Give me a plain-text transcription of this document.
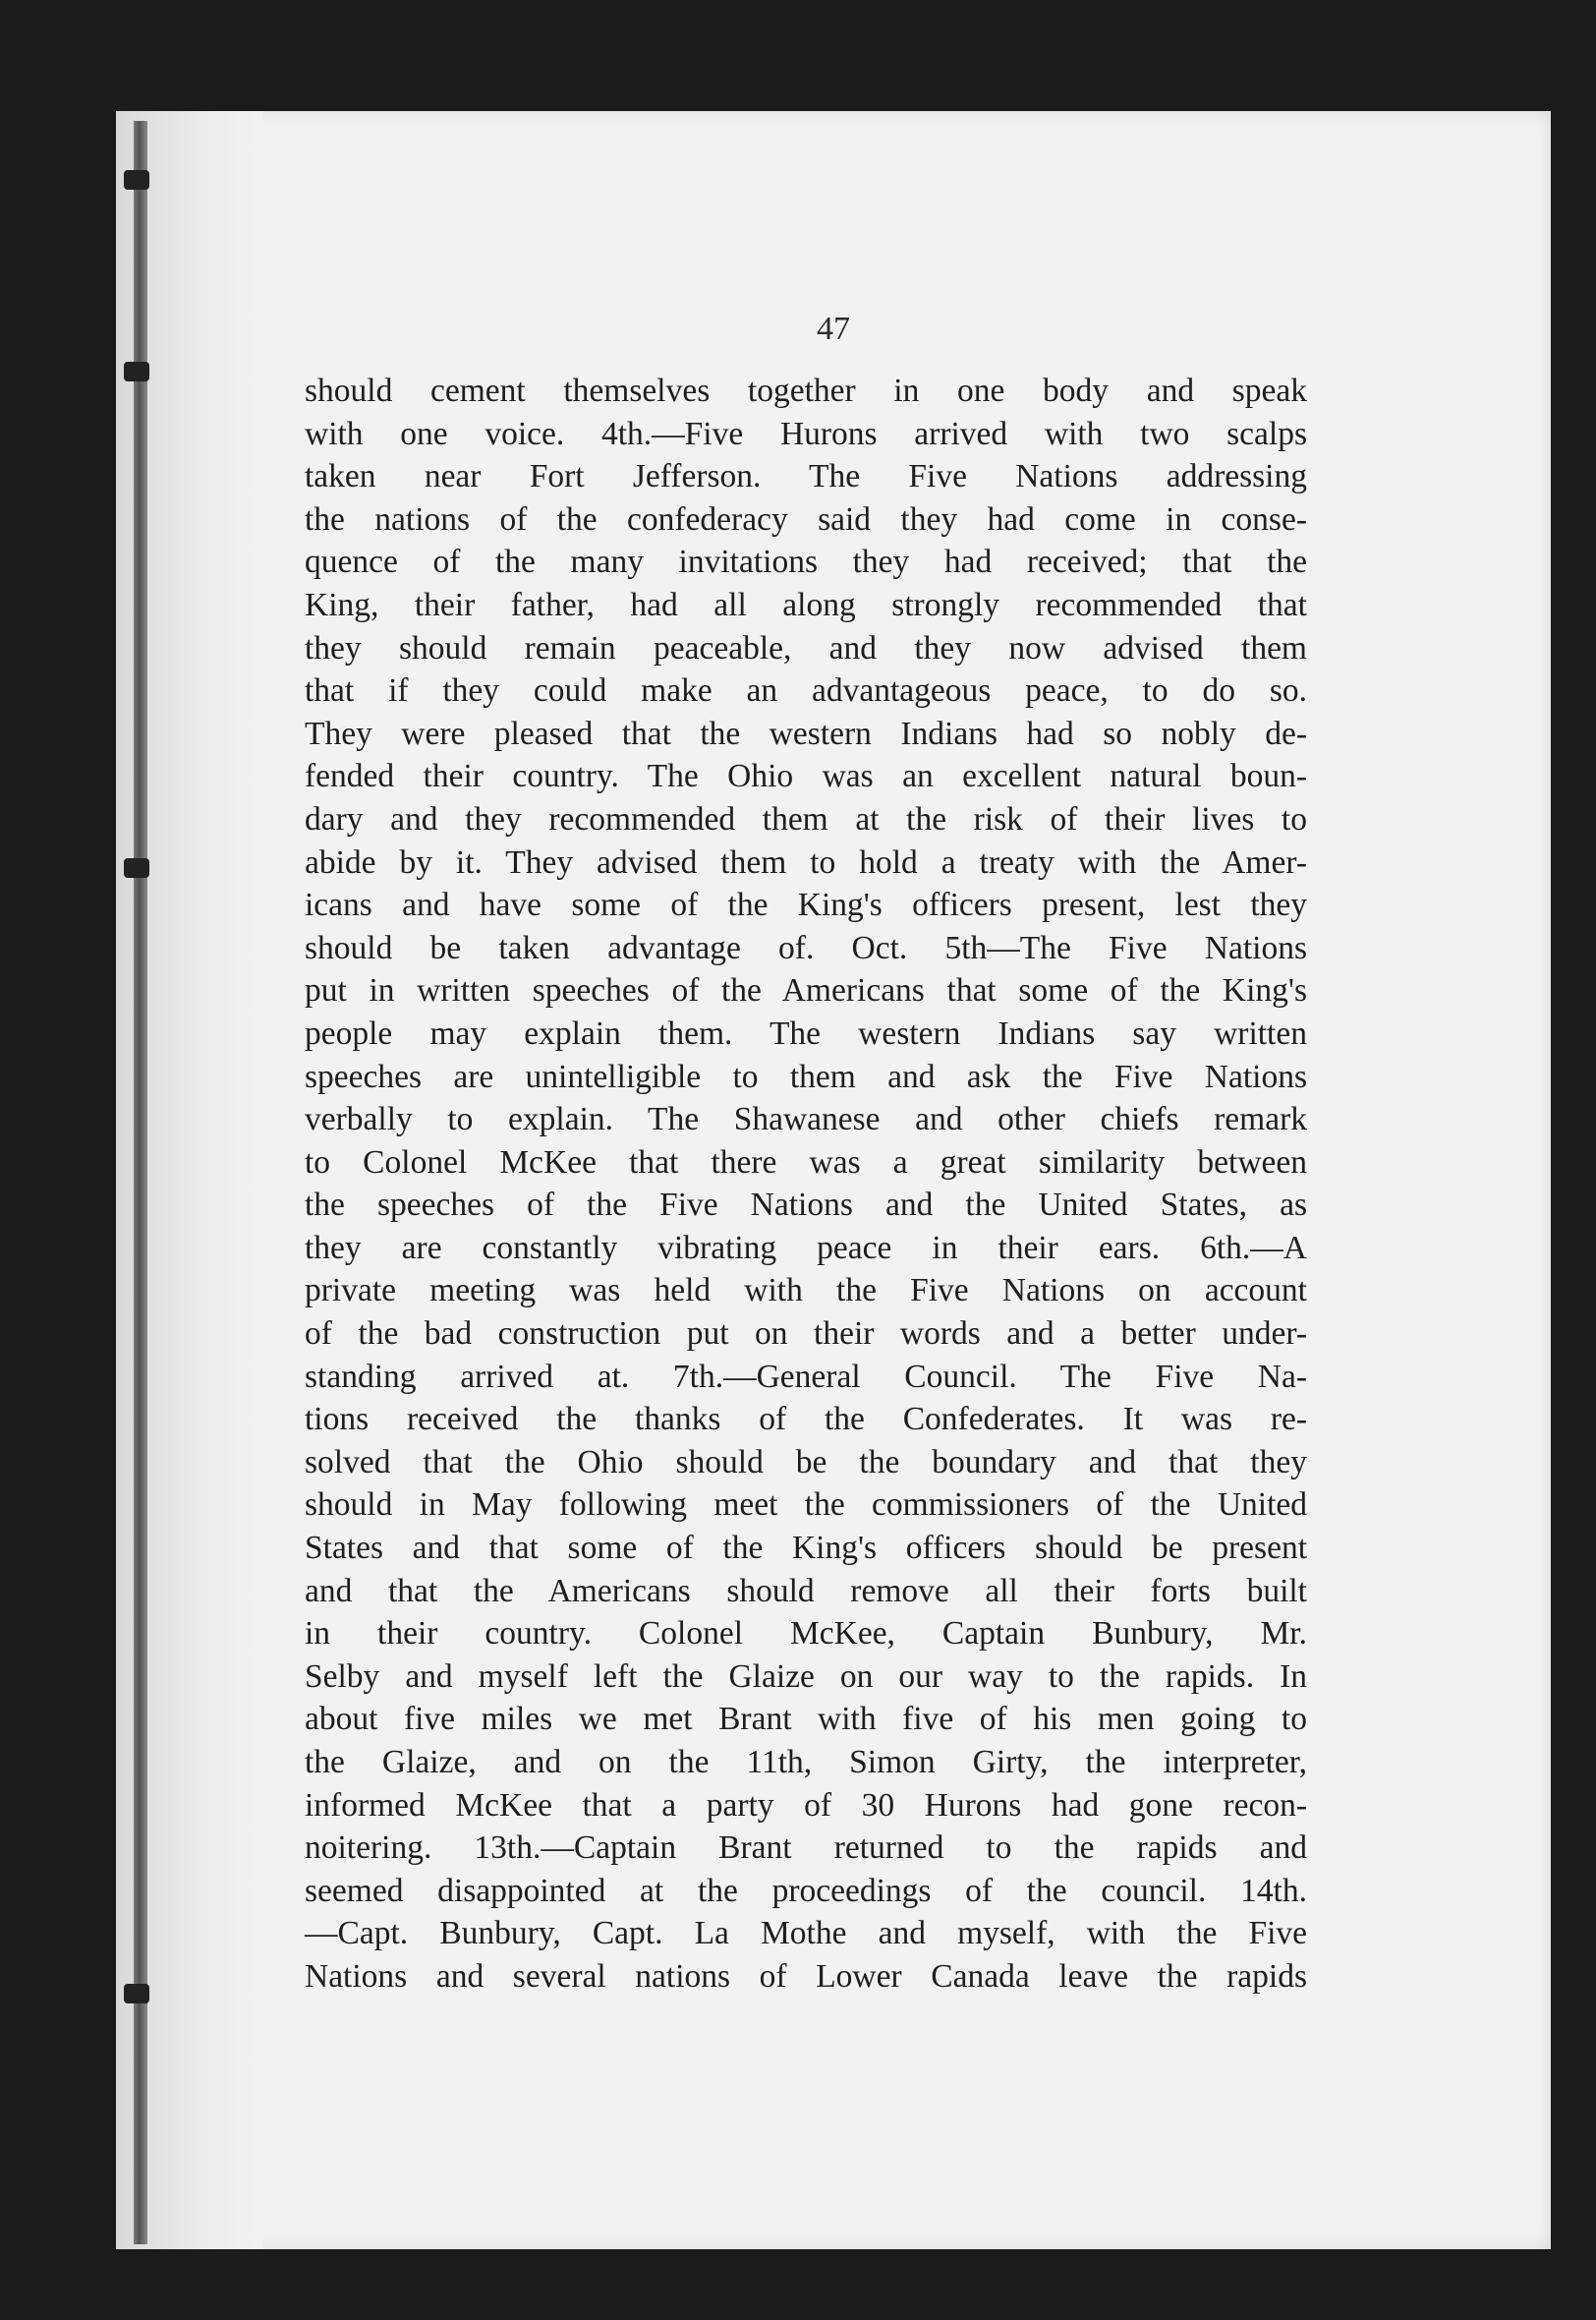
47
should cement themselves together in one body and speak
with one voice. 4th.—Five Hurons arrived with two scalps
taken near Fort Jefferson. The Five Nations addressing
the nations of the confederacy said they had come in conse-
quence of the many invitations they had received; that the
King, their father, had all along strongly recommended that
they should remain peaceable, and they now advised them
that if they could make an advantageous peace, to do so.
They were pleased that the western Indians had so nobly de-
fended their country. The Ohio was an excellent natural boun-
dary and they recommended them at the risk of their lives to
abide by it. They advised them to hold a treaty with the Amer-
icans and have some of the King's officers present, lest they
should be taken advantage of. Oct. 5th—The Five Nations
put in written speeches of the Americans that some of the King's
people may explain them. The western Indians say written
speeches are unintelligible to them and ask the Five Nations
verbally to explain. The Shawanese and other chiefs remark
to Colonel McKee that there was a great similarity between
the speeches of the Five Nations and the United States, as
they are constantly vibrating peace in their ears. 6th.—A
private meeting was held with the Five Nations on account
of the bad construction put on their words and a better under-
standing arrived at. 7th.—General Council. The Five Na-
tions received the thanks of the Confederates. It was re-
solved that the Ohio should be the boundary and that they
should in May following meet the commissioners of the United
States and that some of the King's officers should be present
and that the Americans should remove all their forts built
in their country. Colonel McKee, Captain Bunbury, Mr.
Selby and myself left the Glaize on our way to the rapids. In
about five miles we met Brant with five of his men going to
the Glaize, and on the 11th, Simon Girty, the interpreter,
informed McKee that a party of 30 Hurons had gone recon-
noitering. 13th.—Captain Brant returned to the rapids and
seemed disappointed at the proceedings of the council. 14th.
—Capt. Bunbury, Capt. La Mothe and myself, with the Five
Nations and several nations of Lower Canada leave the rapids
